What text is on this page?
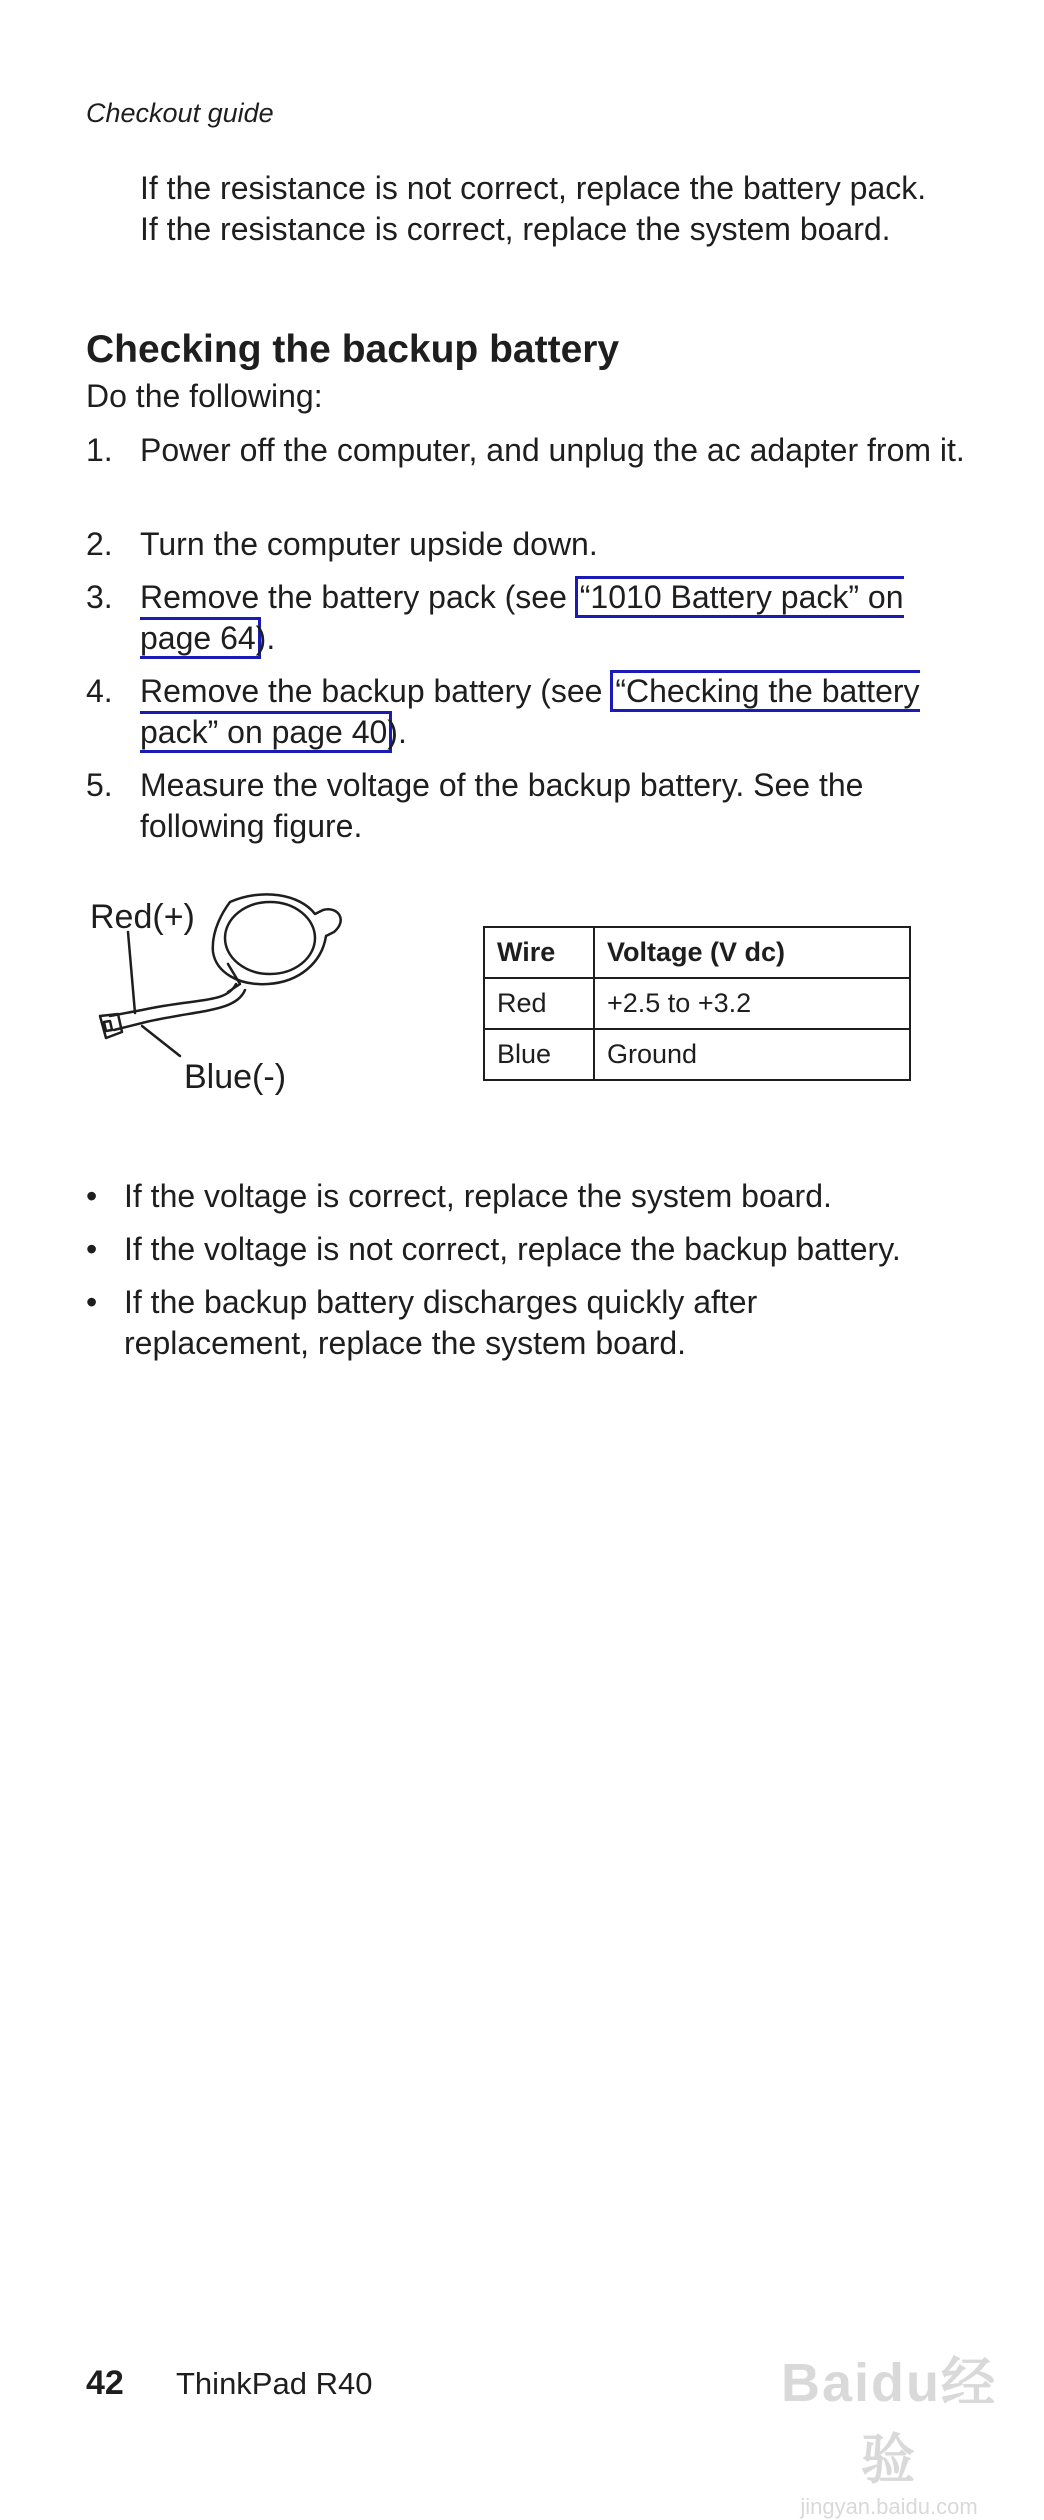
Checkout guide
If the resistance is not correct, replace the battery pack. If the resistance is correct, replace the system board.
Checking the backup battery
Do the following:
1. Power off the computer, and unplug the ac adapter from it.
2. Turn the computer upside down.
3. Remove the battery pack (see “1010 Battery pack” on page 64).
4. Remove the backup battery (see “Checking the battery pack” on page 40).
5. Measure the voltage of the backup battery. See the following figure.
Red(+)
Blue(-)
Wire	Voltage (V dc)
Red	+2.5 to +3.2
Blue	Ground
• If the voltage is correct, replace the system board.
• If the voltage is not correct, replace the backup battery.
• If the backup battery discharges quickly after replacement, replace the system board.
42 ThinkPad R40	Baidu经验
jingyan.baidu.com
